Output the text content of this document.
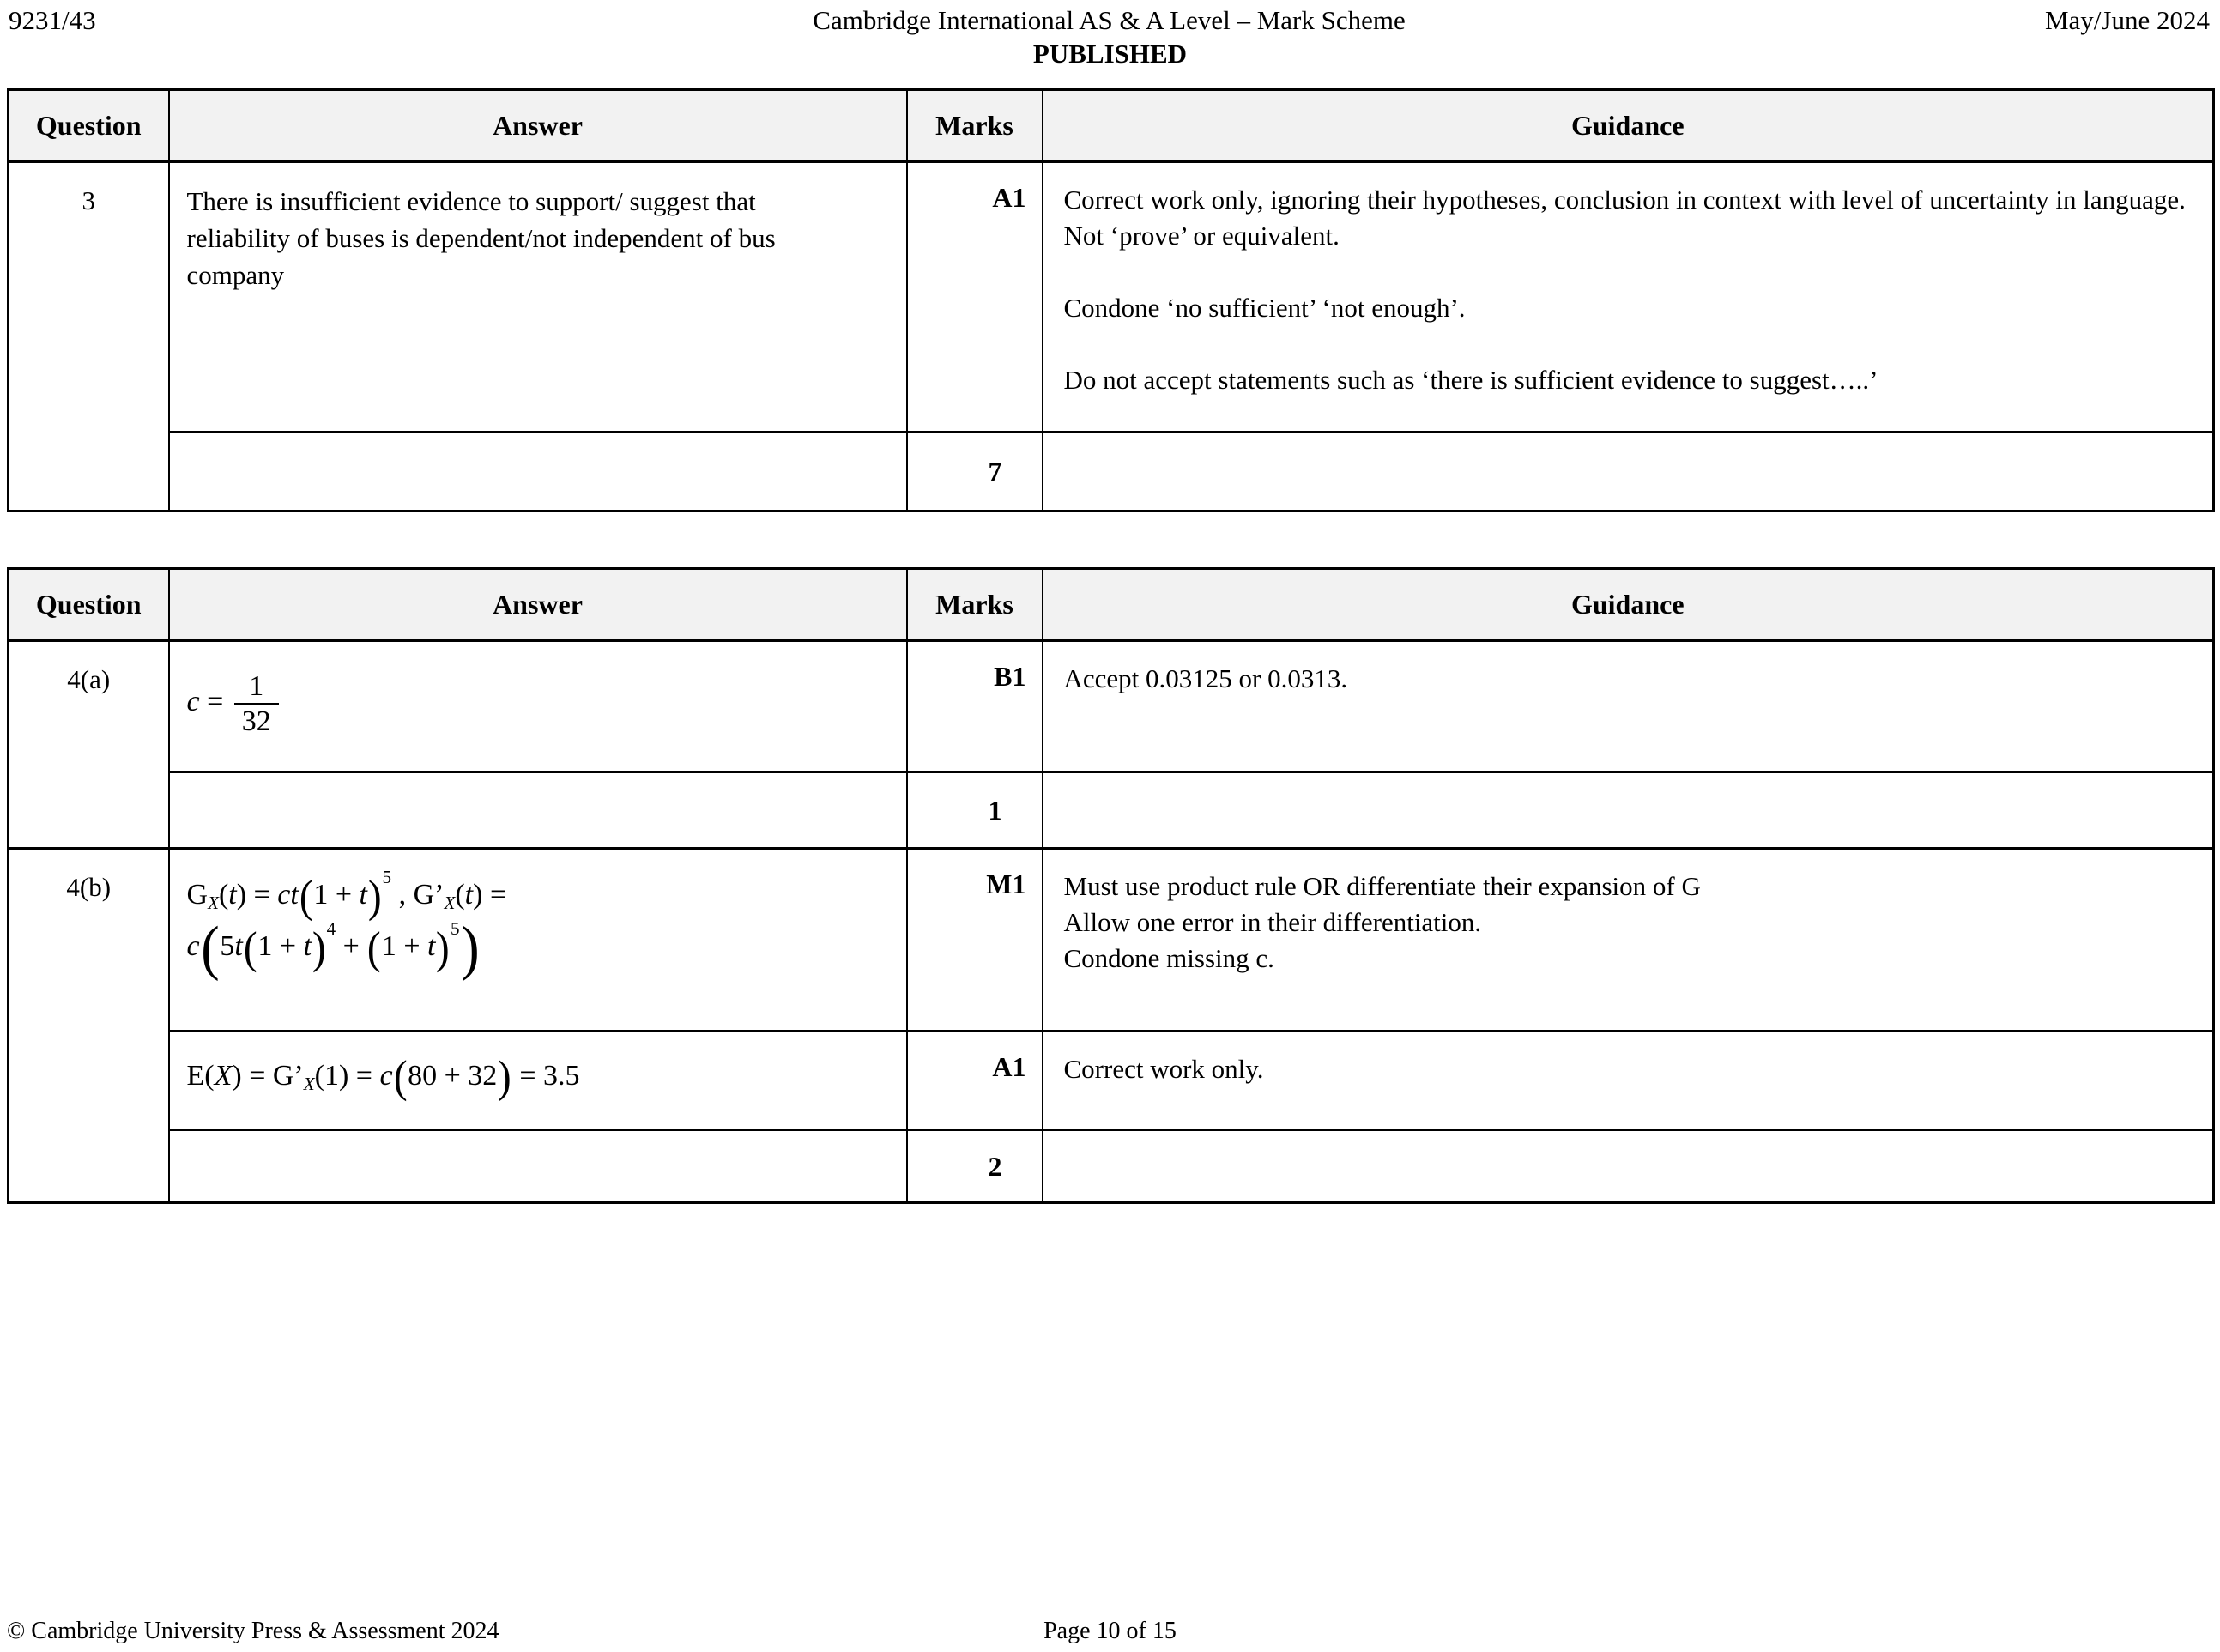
9231/43	Cambridge International AS & A Level – Mark Scheme	May/June 2024
PUBLISHED
Question	Answer	Marks	Guidance
3	There is insufficient evidence to support/ suggest that reliability of buses is dependent/not independent of bus company	A1	Correct work only, ignoring their hypotheses, conclusion in context with level of uncertainty in language. Not ‘prove’ or equivalent.
Condone ‘no sufficient’ ‘not enough’.
Do not accept statements such as ‘there is sufficient evidence to suggest…..’

		7	
Question	Answer	Marks	Guidance
4(a)	$c = \frac{1}{32}$	B1	Accept 0.03125 or 0.0313.

		1	
4(b)	$G_X(t) = ct(1 + t)^5$ , $G’_X(t)$ =
$c(5t(1 + t)^4 + (1 + t)^5)$
	M1	Must use product rule OR differentiate their expansion of G
Allow one error in their differentiation.
Condone missing c.

	$E(X) = G’_X(1) = c(80 + 32) = 3.5$	A1	Correct work only.

		2	
© Cambridge University Press & Assessment 2024	Page 10 of 15
